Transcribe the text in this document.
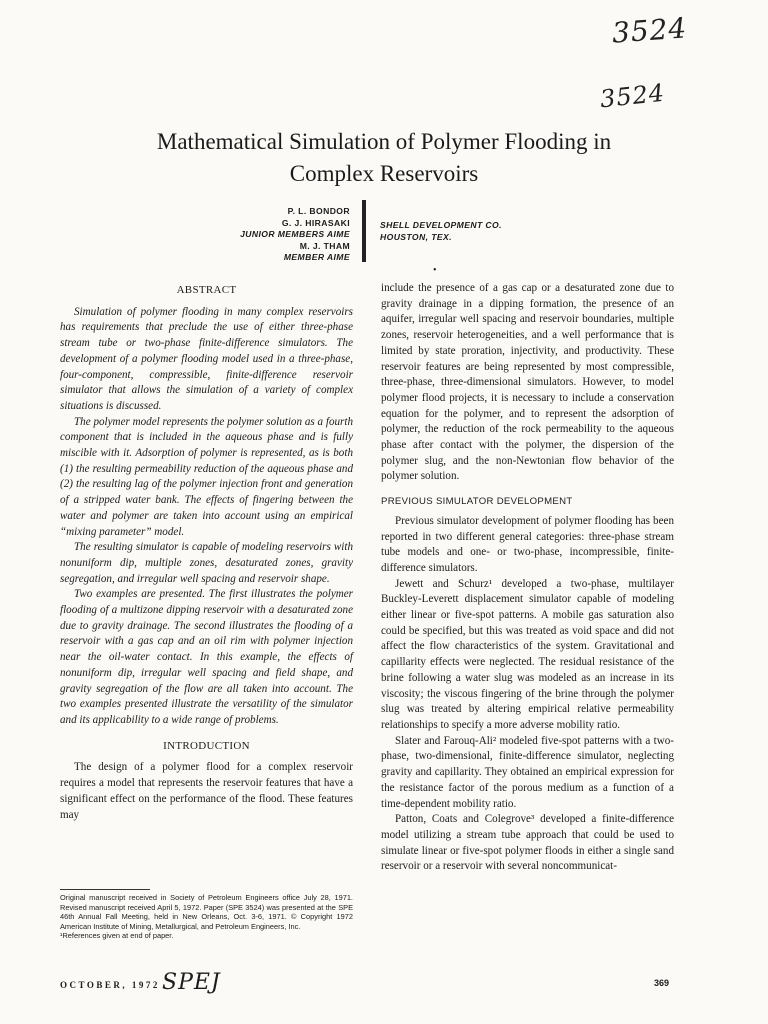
3524
3524
Mathematical Simulation of Polymer Flooding in
Complex Reservoirs
P. L. BONDOR
G. J. HIRASAKI
JUNIOR MEMBERS AIME
M. J. THAM
MEMBER AIME
SHELL DEVELOPMENT CO.
HOUSTON, TEX.
•
ABSTRACT

Simulation of polymer flooding in many complex reservoirs has requirements that preclude the use of either three-phase stream tube or two-phase finite-difference simulators. The development of a polymer flooding model used in a three-phase, four-component, compressible, finite-difference reservoir simulator that allows the simulation of a variety of complex situations is discussed.

The polymer model represents the polymer solution as a fourth component that is included in the aqueous phase and is fully miscible with it. Adsorption of polymer is represented, as is both (1) the resulting permeability reduction of the aqueous phase and (2) the resulting lag of the polymer injection front and generation of a stripped water bank. The effects of fingering between the water and polymer are taken into account using an empirical “mixing parameter” model.

The resulting simulator is capable of modeling reservoirs with nonuniform dip, multiple zones, desaturated zones, gravity segregation, and irregular well spacing and reservoir shape.

Two examples are presented. The first illustrates the polymer flooding of a multizone dipping reservoir with a desaturated zone due to gravity drainage. The second illustrates the flooding of a reservoir with a gas cap and an oil rim with polymer injection near the oil-water contact. In this example, the effects of nonuniform dip, irregular well spacing and field shape, and gravity segregation of the flow are all taken into account. The two examples presented illustrate the versatility of the simulator and its applicability to a wide range of problems.

INTRODUCTION

The design of a polymer flood for a complex reservoir requires a model that represents the reservoir features that have a significant effect on the performance of the flood. These features may

Original manuscript received in Society of Petroleum Engineers office July 28, 1971. Revised manuscript received April 5, 1972. Paper (SPE 3524) was presented at the SPE 46th Annual Fall Meeting, held in New Orleans, Oct. 3-6, 1971. © Copyright 1972 American Institute of Mining, Metallurgical, and Petroleum Engineers, Inc.
¹References given at end of paper.

include the presence of a gas cap or a desaturated zone due to gravity drainage in a dipping formation, the presence of an aquifer, irregular well spacing and reservoir boundaries, multiple zones, reservoir heterogeneities, and a well performance that is limited by state proration, injectivity, and productivity. These reservoir features are being represented by most compressible, three-phase, three-dimensional simulators. However, to model polymer flood projects, it is necessary to include a conservation equation for the polymer, and to represent the adsorption of polymer, the reduction of the rock permeability to the aqueous phase after contact with the polymer, the dispersion of the polymer slug, and the non-Newtonian flow behavior of the polymer solution.

PREVIOUS SIMULATOR DEVELOPMENT

Previous simulator development of polymer flooding has been reported in two different general categories: three-phase stream tube models and one- or two-phase, incompressible, finite-difference simulators.

Jewett and Schurz¹ developed a two-phase, multilayer Buckley-Leverett displacement simulator capable of modeling either linear or five-spot patterns. A mobile gas saturation also could be specified, but this was treated as void space and did not affect the flow characteristics of the system. Gravitational and capillarity effects were neglected. The residual resistance of the brine following a water slug was modeled as an increase in its viscosity; the viscous fingering of the brine through the polymer slug was treated by altering empirical relative permeability relationships to specify a more adverse mobility ratio.

Slater and Farouq-Ali² modeled five-spot patterns with a two-phase, two-dimensional, finite-difference simulator, neglecting gravity and capillarity. They obtained an empirical expression for the resistance factor of the porous medium as a function of a time-dependent mobility ratio.

Patton, Coats and Colegrove³ developed a finite-difference model utilizing a stream tube approach that could be used to simulate linear or five-spot polymer floods in either a single sand reservoir or a reservoir with several noncommunicat-

OCTOBER, 1972 SPEJ	369
